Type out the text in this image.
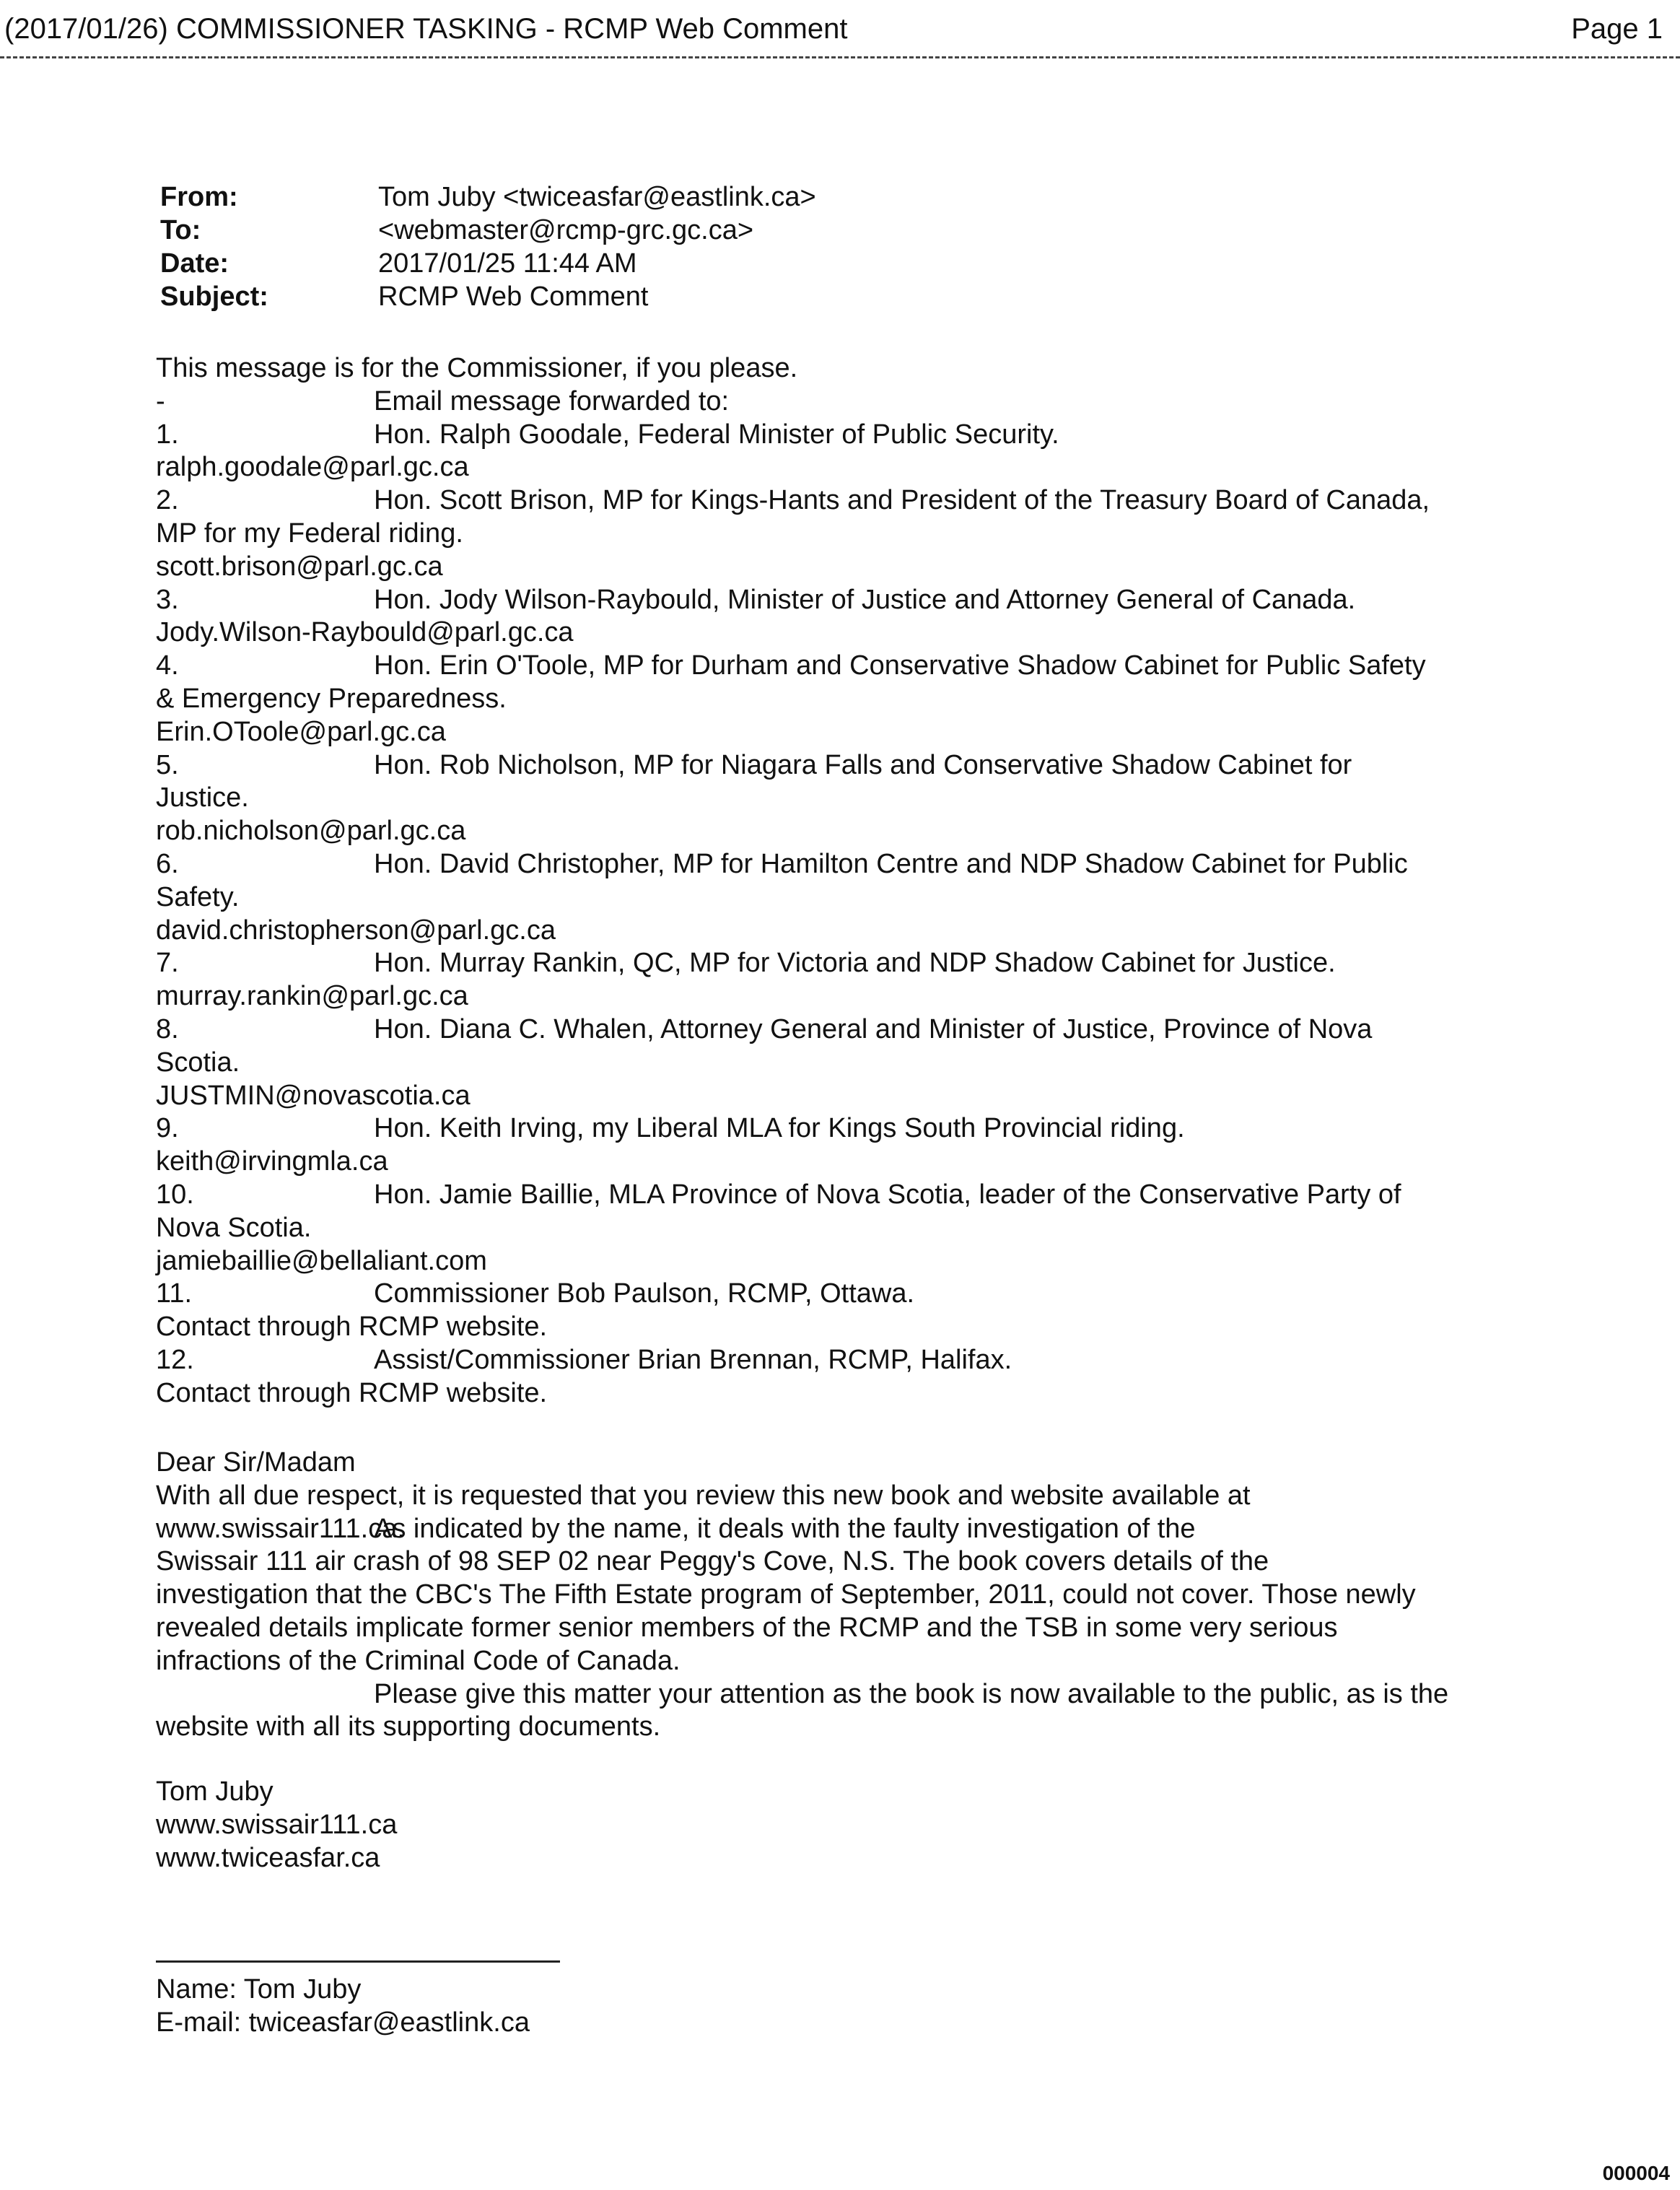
(2017/01/26) COMMISSIONER TASKING - RCMP Web Comment	Page 1
From:	Tom Juby <twiceasfar@eastlink.ca>
To:	<webmaster@rcmp-grc.gc.ca>
Date:	2017/01/25 11:44 AM
Subject:	RCMP Web Comment
This message is for the Commissioner, if you please.
-	Email message forwarded to:
1.	Hon. Ralph Goodale, Federal Minister of Public Security.
ralph.goodale@parl.gc.ca
2.	Hon. Scott Brison, MP for Kings-Hants and President of the Treasury Board of Canada,
MP for my Federal riding.
scott.brison@parl.gc.ca
3.	Hon. Jody Wilson-Raybould, Minister of Justice and Attorney General of Canada.
Jody.Wilson-Raybould@parl.gc.ca
4.	Hon. Erin O'Toole, MP for Durham and Conservative Shadow Cabinet for Public Safety
& Emergency Preparedness.
Erin.OToole@parl.gc.ca
5.	Hon. Rob Nicholson, MP for Niagara Falls and Conservative Shadow Cabinet for
Justice.
rob.nicholson@parl.gc.ca
6.	Hon. David Christopher, MP for Hamilton Centre and NDP Shadow Cabinet for Public
Safety.
david.christopherson@parl.gc.ca
7.	Hon. Murray Rankin, QC, MP for Victoria and NDP Shadow Cabinet for Justice.
murray.rankin@parl.gc.ca
8.	Hon. Diana C. Whalen, Attorney General and Minister of Justice, Province of Nova
Scotia.
JUSTMIN@novascotia.ca
9.	Hon. Keith Irving, my Liberal MLA for Kings South Provincial riding.
keith@irvingmla.ca
10.	Hon. Jamie Baillie, MLA Province of Nova Scotia, leader of the Conservative Party of
Nova Scotia.
jamiebaillie@bellaliant.com
11.	Commissioner Bob Paulson, RCMP, Ottawa.
Contact through RCMP website.
12.	Assist/Commissioner Brian Brennan, RCMP, Halifax.
Contact through RCMP website.
Dear Sir/Madam
With all due respect, it is requested that you review this new book and website available at
www.swissair111.ca.As indicated by the name, it deals with the faulty investigation of the
Swissair 111 air crash of 98 SEP 02 near Peggy's Cove, N.S. The book covers details of the
investigation that the CBC's The Fifth Estate program of September, 2011, could not cover. Those newly
revealed details implicate former senior members of the RCMP and the TSB in some very serious
infractions of the Criminal Code of Canada.
Please give this matter your attention as the book is now available to the public, as is the
website with all its supporting documents.
Tom Juby
www.swissair111.ca
www.twiceasfar.ca
Name: Tom Juby
E-mail: twiceasfar@eastlink.ca
000004
